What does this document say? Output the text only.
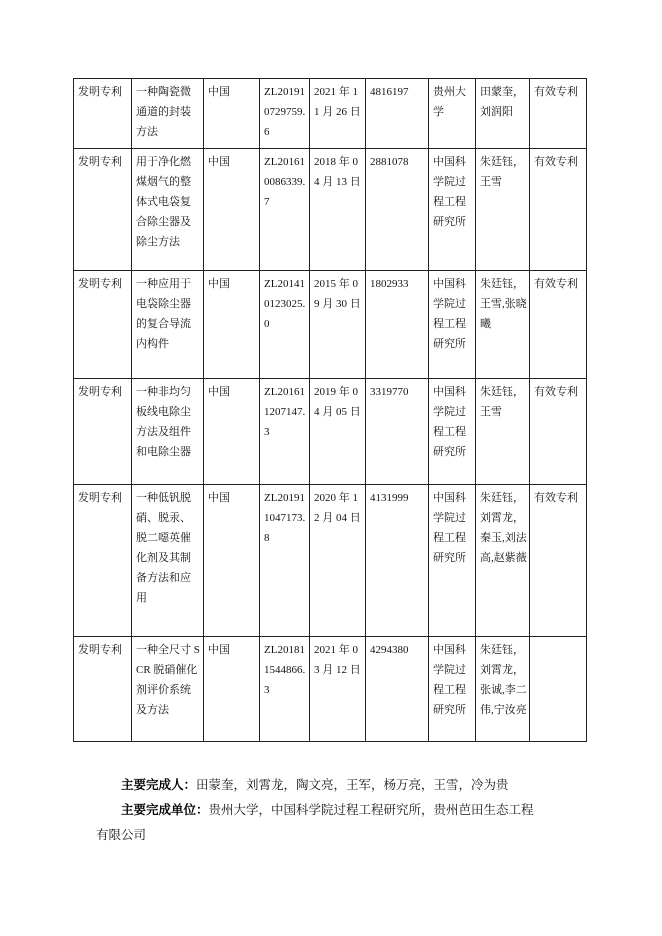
发明专利	一种陶瓷微通道的封装方法	中国	ZL201910729759.6	2021 年 11 月 26 日	4816197	贵州大学	田蒙奎，刘润阳	有效专利
发明专利	用于净化燃煤烟气的整体式电袋复合除尘器及除尘方法	中国	ZL201610086339.7	2018 年 04 月 13 日	2881078	中国科学院过程工程研究所	朱廷钰，王雪	有效专利
发明专利	一种应用于电袋除尘器的复合导流内构件	中国	ZL201410123025.0	2015 年 09 月 30 日	1802933	中国科学院过程工程研究所	朱廷钰，王雪,张晓曦	有效专利
发明专利	一种非均匀板线电除尘方法及组件和电除尘器	中国	ZL201611207147.3	2019 年 04 月 05 日	3319770	中国科学院过程工程研究所	朱廷钰，王雪	有效专利
发明专利	一种低钒脱硝、脱汞、脱二噁英催化剂及其制备方法和应用	中国	ZL201911047173.8	2020 年 12 月 04 日	4131999	中国科学院过程工程研究所	朱廷钰，刘霄龙，秦玉,刘法高,赵紫薇	有效专利
发明专利	一种全尺寸 SCR 脱硝催化剂评价系统及方法	中国	ZL201811544866.3	2021 年 03 月 12 日	4294380	中国科学院过程工程研究所	朱廷钰，刘霄龙，张诚,李二伟,宁汝亮	

主要完成人：田蒙奎，刘霄龙，陶文亮，王军，杨万亮，王雪，冷为贵

主要完成单位：贵州大学，中国科学院过程工程研究所，贵州芭田生态工程有限公司
